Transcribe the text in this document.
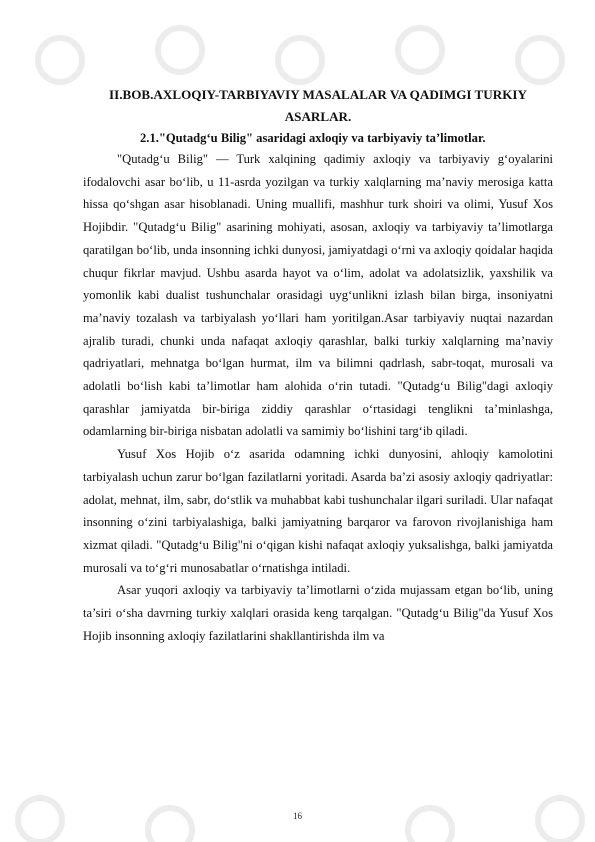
II.BOB.AXLOQIY-TARBIYAVIY MASALALAR VA QADIMGI TURKIY

ASARLAR.

2.1."Qutadg‘u Bilig" asaridagi axloqiy va tarbiyaviy ta’limotlar.

"Qutadg‘u Bilig" — Turk xalqining qadimiy axloqiy va tarbiyaviy g‘oyalarini ifodalovchi asar bo‘lib, u 11-asrda yozilgan va turkiy xalqlarning ma’naviy merosiga katta hissa qo‘shgan asar hisoblanadi. Uning muallifi, mashhur turk shoiri va olimi, Yusuf Xos Hojibdir. "Qutadg‘u Bilig" asarining mohiyati, asosan, axloqiy va tarbiyaviy ta’limotlarga qaratilgan bo‘lib, unda insonning ichki dunyosi, jamiyatdagi o‘rni va axloqiy qoidalar haqida chuqur fikrlar mavjud. Ushbu asarda hayot va o‘lim, adolat va adolatsizlik, yaxshilik va yomonlik kabi dualist tushunchalar orasidagi uyg‘unlikni izlash bilan birga, insoniyatni ma’naviy tozalash va tarbiyalash yo‘llari ham yoritilgan.Asar tarbiyaviy nuqtai nazardan ajralib turadi, chunki unda nafaqat axloqiy qarashlar, balki turkiy xalqlarning ma’naviy qadriyatlari, mehnatga bo‘lgan hurmat, ilm va bilimni qadrlash, sabr-toqat, murosali va adolatli bo‘lish kabi ta’limotlar ham alohida o‘rin tutadi. "Qutadg‘u Bilig"dagi axloqiy qarashlar jamiyatda bir-biriga ziddiy qarashlar o‘rtasidagi tenglikni ta’minlashga, odamlarning bir-biriga nisbatan adolatli va samimiy bo‘lishini targ‘ib qiladi.

Yusuf Xos Hojib o‘z asarida odamning ichki dunyosini, ahloqiy kamolotini tarbiyalash uchun zarur bo‘lgan fazilatlarni yoritadi. Asarda ba’zi asosiy axloqiy qadriyatlar: adolat, mehnat, ilm, sabr, do‘stlik va muhabbat kabi tushunchalar ilgari suriladi. Ular nafaqat insonning o‘zini tarbiyalashiga, balki jamiyatning barqaror va farovon rivojlanishiga ham xizmat qiladi. "Qutadg‘u Bilig"ni o‘qigan kishi nafaqat axloqiy yuksalishga, balki jamiyatda murosali va to‘g‘ri munosabatlar o‘rnatishga intiladi.

Asar yuqori axloqiy va tarbiyaviy ta’limotlarni o‘zida mujassam etgan bo‘lib, uning ta’siri o‘sha davrning turkiy xalqlari orasida keng tarqalgan. "Qutadg‘u Bilig"da Yusuf Xos Hojib insonning axloqiy fazilatlarini shakllantirishda ilm va

16
